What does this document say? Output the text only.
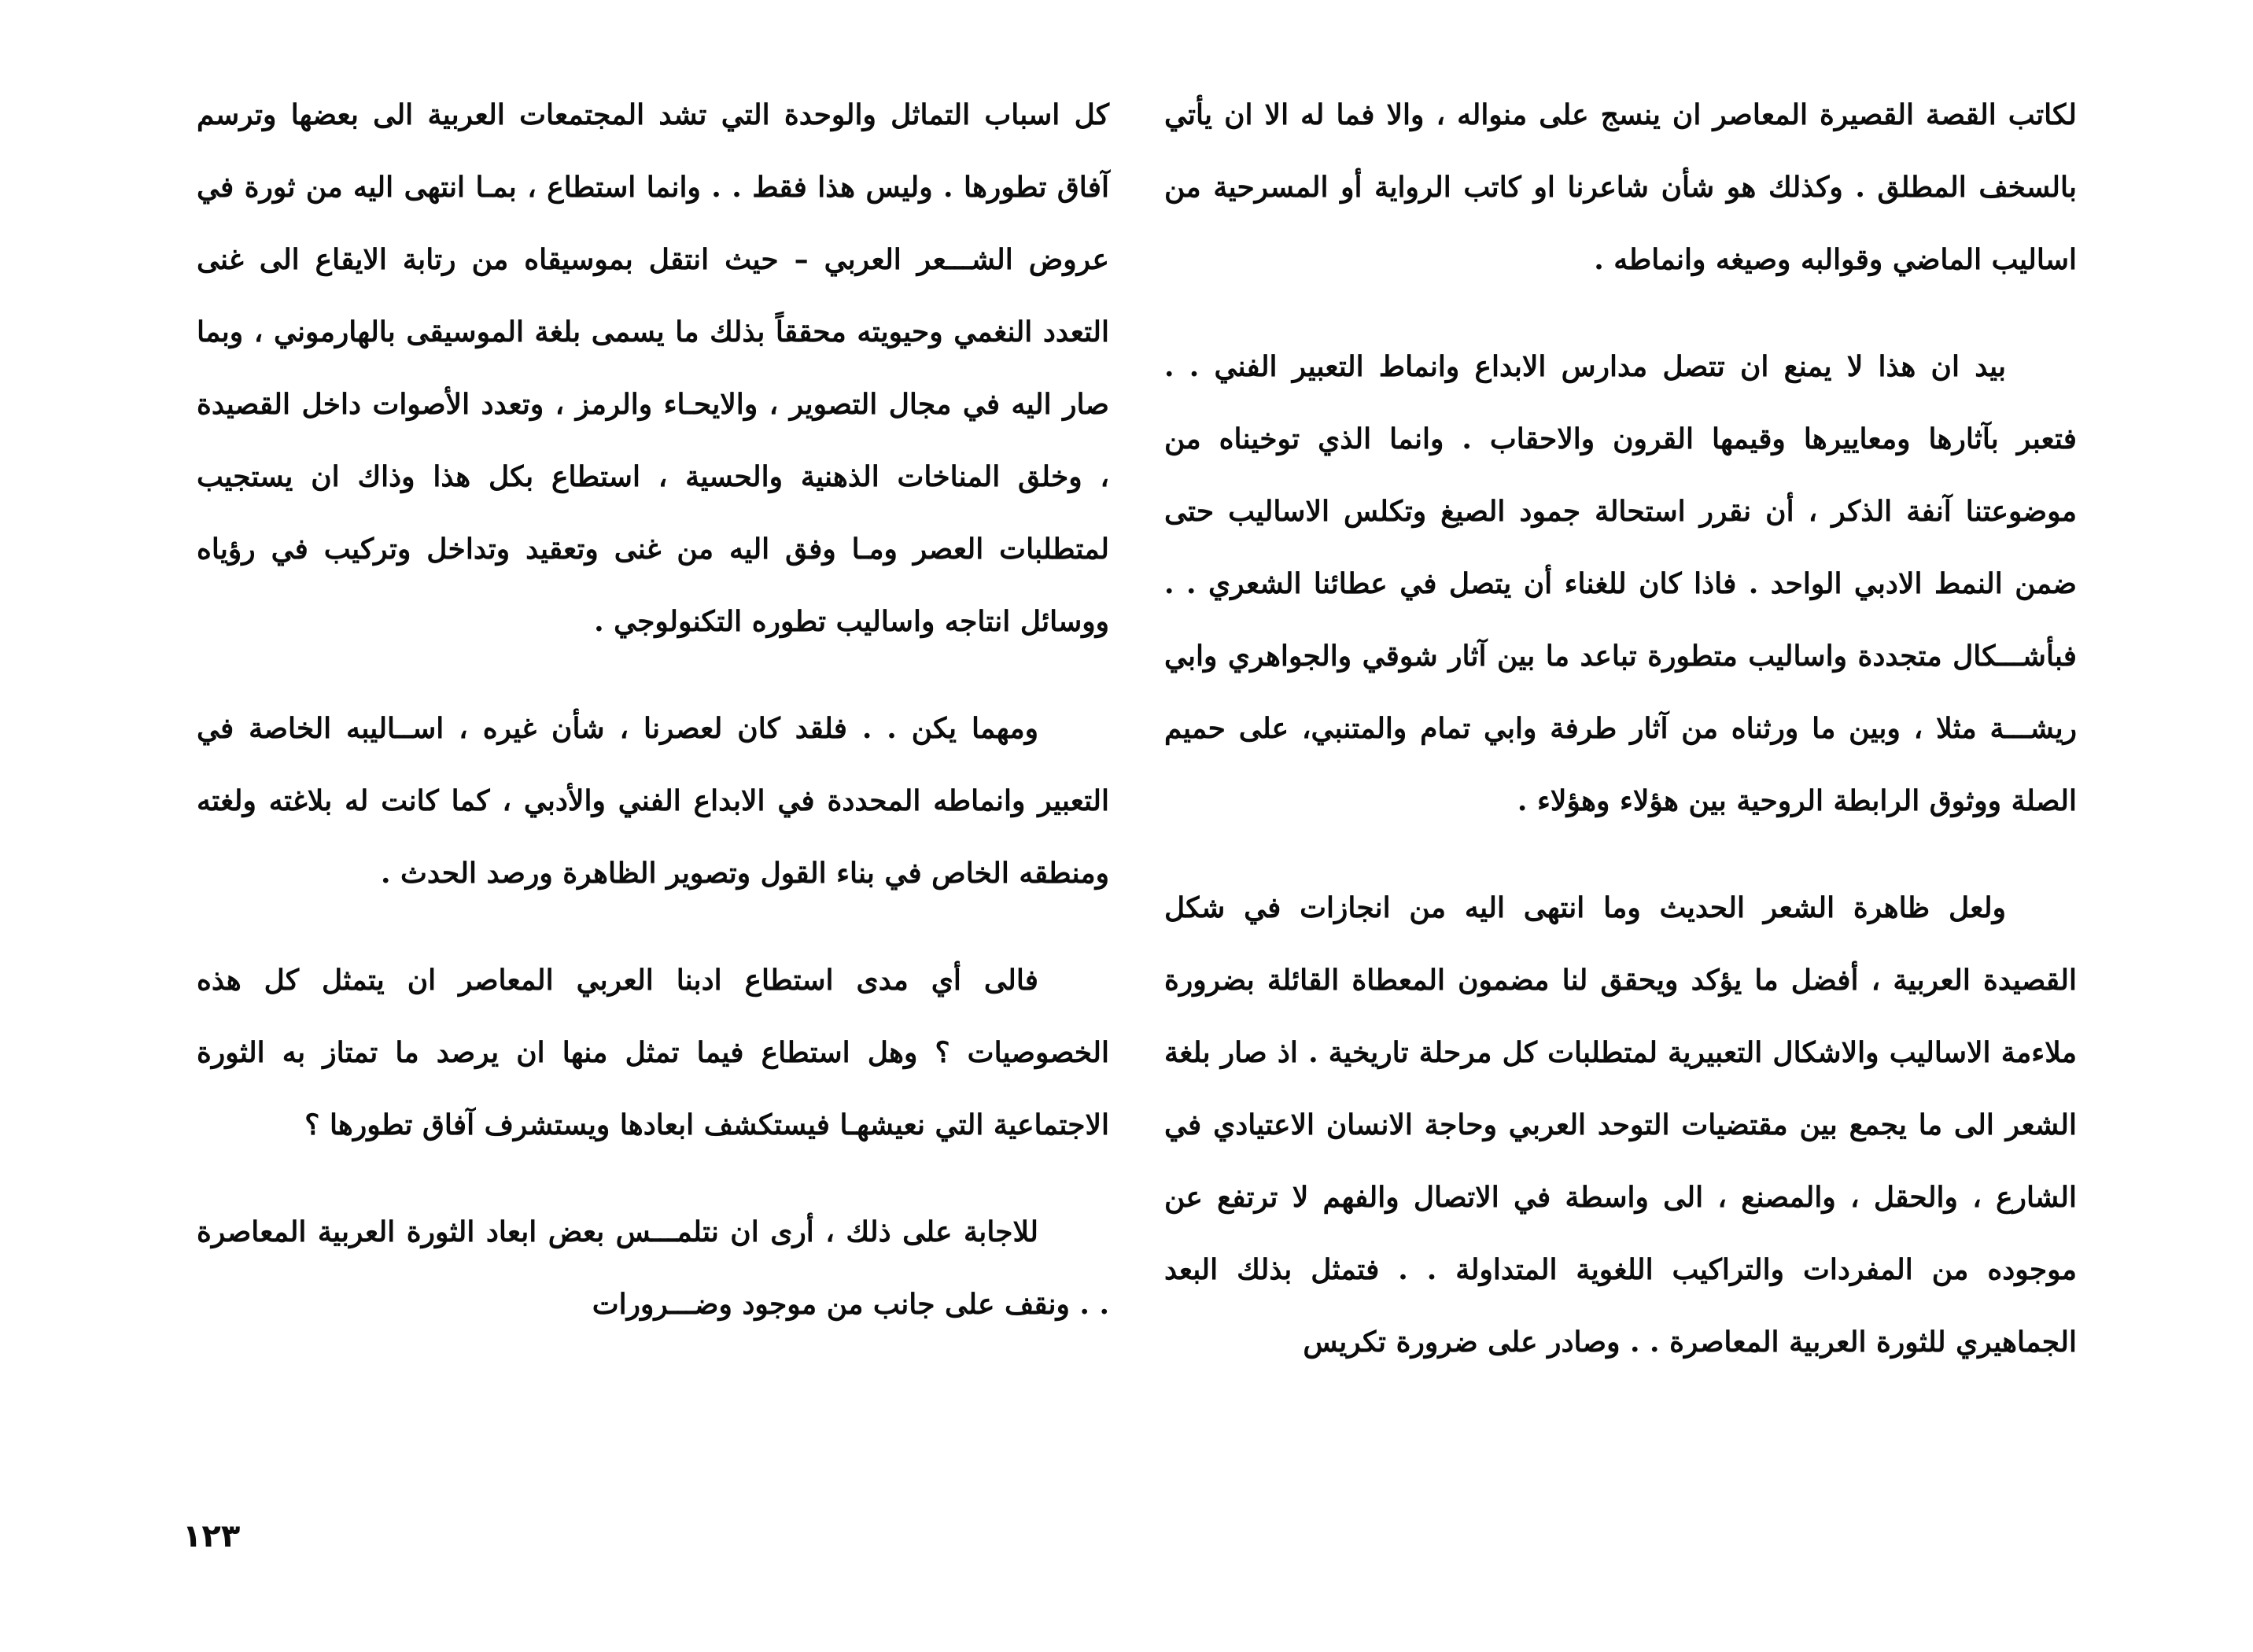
لكاتب القصة القصيرة المعاصر ان ينسج على منواله ، والا فما له الا ان يأتي بالسخف المطلق . وكذلك هو شأن شاعرنا او كاتب الرواية أو المسرحية من اساليب الماضي وقوالبه وصيغه وانماطه .

بيد ان هذا لا يمنع ان تتصل مدارس الابداع وانماط التعبير الفني . . فتعبر بآثارها ومعاييرها وقيمها القرون والاحقاب . وانما الذي توخيناه من موضوعتنا آنفة الذكر ، أن نقرر استحالة جمود الصيغ وتكلس الاساليب حتى ضمن النمط الادبي الواحد . فاذا كان للغناء أن يتصل في عطائنا الشعري . . فبأشـــكال متجددة واساليب متطورة تباعد ما بين آثار شوقي والجواهري وابي ريشـــة مثلا ، وبين ما ورثناه من آثار طرفة وابي تمام والمتنبي، على حميم الصلة ووثوق الرابطة الروحية بين هؤلاء وهؤلاء .

ولعل ظاهرة الشعر الحديث وما انتهى اليه من انجازات في شكل القصيدة العربية ، أفضل ما يؤكد ويحقق لنا مضمون المعطاة القائلة بضرورة ملاءمة الاساليب والاشكال التعبيرية لمتطلبات كل مرحلة تاريخية . اذ صار بلغة الشعر الى ما يجمع بين مقتضيات التوحد العربي وحاجة الانسان الاعتيادي في الشارع ، والحقل ، والمصنع ، الى واسطة في الاتصال والفهم لا ترتفع عن موجوده من المفردات والتراكيب اللغوية المتداولة . . فتمثل بذلك البعد الجماهيري للثورة العربية المعاصرة . . وصادر على ضرورة تكريس

كل اسباب التماثل والوحدة التي تشد المجتمعات العربية الى بعضها وترسم آفاق تطورها . وليس هذا فقط . . وانما استطاع ، بمـا انتهى اليه من ثورة في عروض الشـــعر العربي – حيث انتقل بموسيقاه من رتابة الايقاع الى غنى التعدد النغمي وحيويته محققاً بذلك ما يسمى بلغة الموسيقى بالهارموني ، وبما صار اليه في مجال التصوير ، والايحـاء والرمز ، وتعدد الأصوات داخل القصيدة ، وخلق المناخات الذهنية والحسية ، استطاع بكل هذا وذاك ان يستجيب لمتطلبات العصر ومـا وفق اليه من غنى وتعقيد وتداخل وتركيب في رؤياه ووسائل انتاجه واساليب تطوره التكنولوجي .

ومهما يكن . . فلقد كان لعصرنا ، شأن غيره ، اســاليبه الخاصة في التعبير وانماطه المحددة في الابداع الفني والأدبي ، كما كانت له بلاغته ولغته ومنطقه الخاص في بناء القول وتصوير الظاهرة ورصد الحدث .

فالى أي مدى استطاع ادبنا العربي المعاصر ان يتمثل كل هذه الخصوصيات ؟ وهل استطاع فيما تمثل منها ان يرصد ما تمتاز به الثورة الاجتماعية التي نعيشهـا فيستكشف ابعادها ويستشرف آفاق تطورها ؟

للاجابة على ذلك ، أرى ان نتلمـــس بعض ابعاد الثورة العربية المعاصرة . . ونقف على جانب من موجود وضـــرورات

١٢٣
